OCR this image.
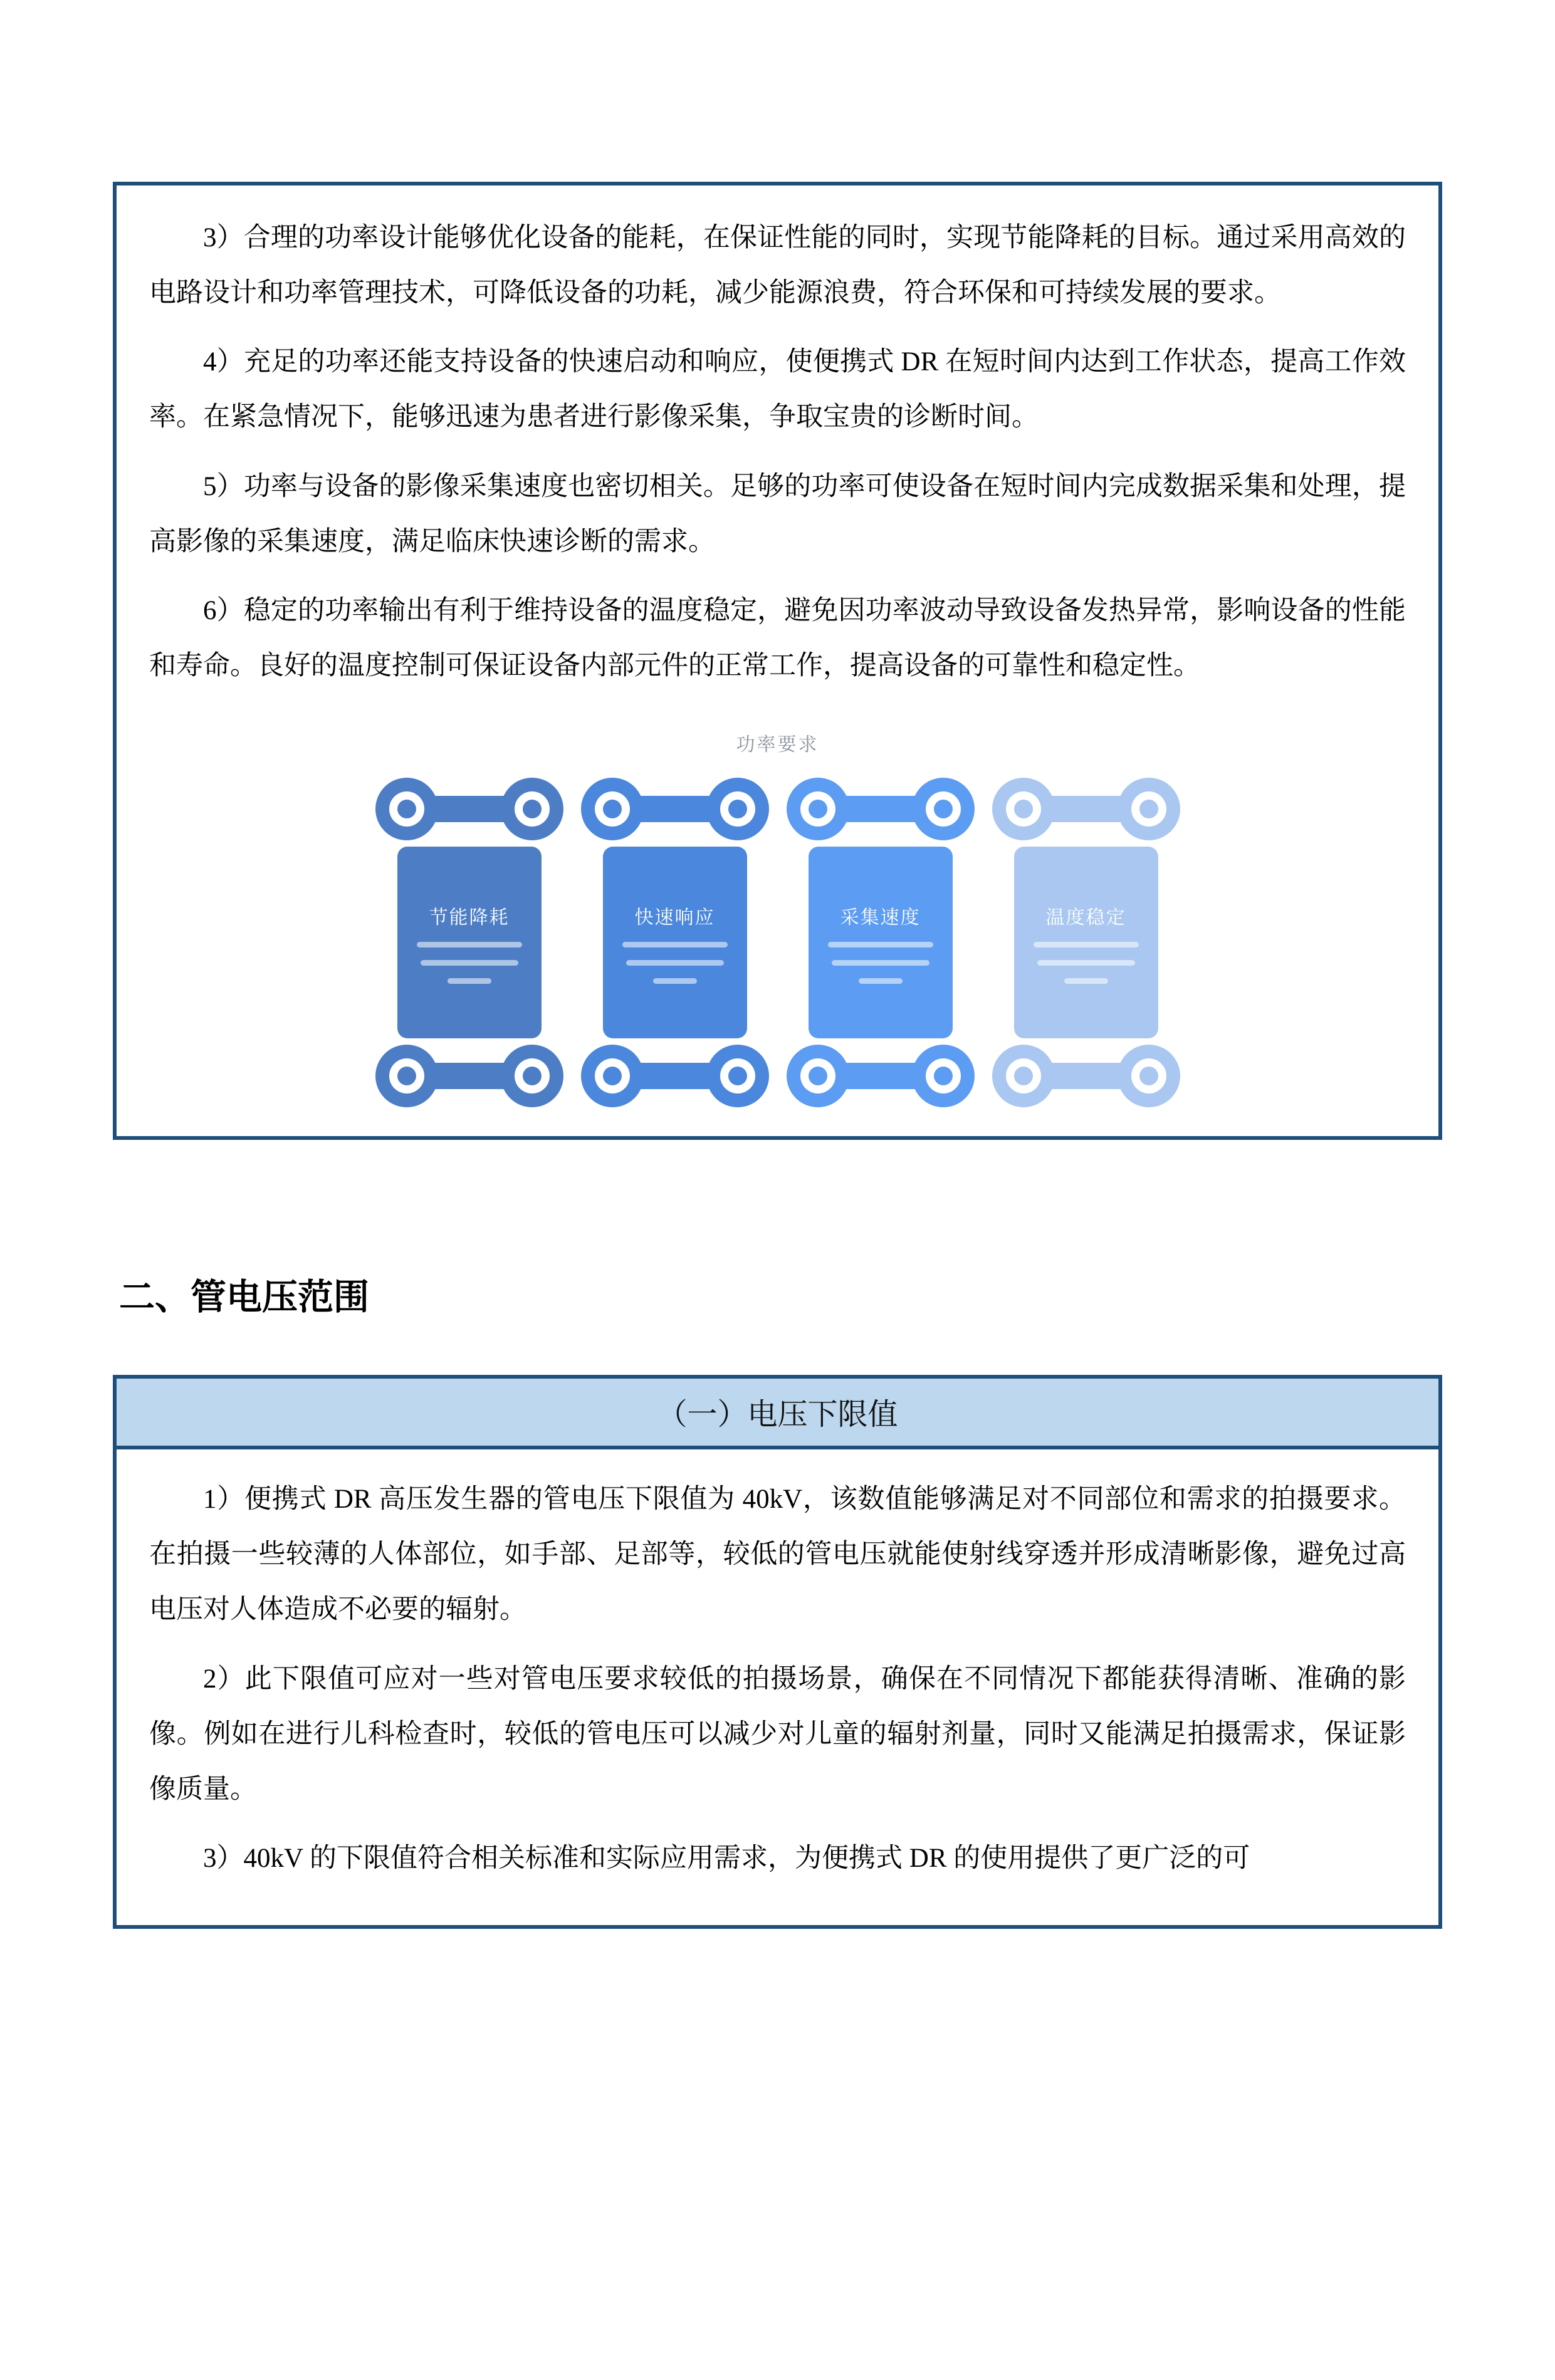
3）合理的功率设计能够优化设备的能耗，在保证性能的同时，实现节能降耗的目标。通过采用高效的电路设计和功率管理技术，可降低设备的功耗，减少能源浪费，符合环保和可持续发展的要求。

4）充足的功率还能支持设备的快速启动和响应，使便携式 DR 在短时间内达到工作状态，提高工作效率。在紧急情况下，能够迅速为患者进行影像采集，争取宝贵的诊断时间。

5）功率与设备的影像采集速度也密切相关。足够的功率可使设备在短时间内完成数据采集和处理，提高影像的采集速度，满足临床快速诊断的需求。

6）稳定的功率输出有利于维持设备的温度稳定，避免因功率波动导致设备发热异常，影响设备的性能和寿命。良好的温度控制可保证设备内部元件的正常工作，提高设备的可靠性和稳定性。

功率要求
节能降耗	快速响应	采集速度	温度稳定
二、管电压范围
（一）电压下限值

1）便携式 DR 高压发生器的管电压下限值为 40kV，该数值能够满足对不同部位和需求的拍摄要求。在拍摄一些较薄的人体部位，如手部、足部等，较低的管电压就能使射线穿透并形成清晰影像，避免过高电压对人体造成不必要的辐射。

2）此下限值可应对一些对管电压要求较低的拍摄场景，确保在不同情况下都能获得清晰、准确的影像。例如在进行儿科检查时，较低的管电压可以减少对儿童的辐射剂量，同时又能满足拍摄需求，保证影像质量。

3）40kV 的下限值符合相关标准和实际应用需求，为便携式 DR 的使用提供了更广泛的可
